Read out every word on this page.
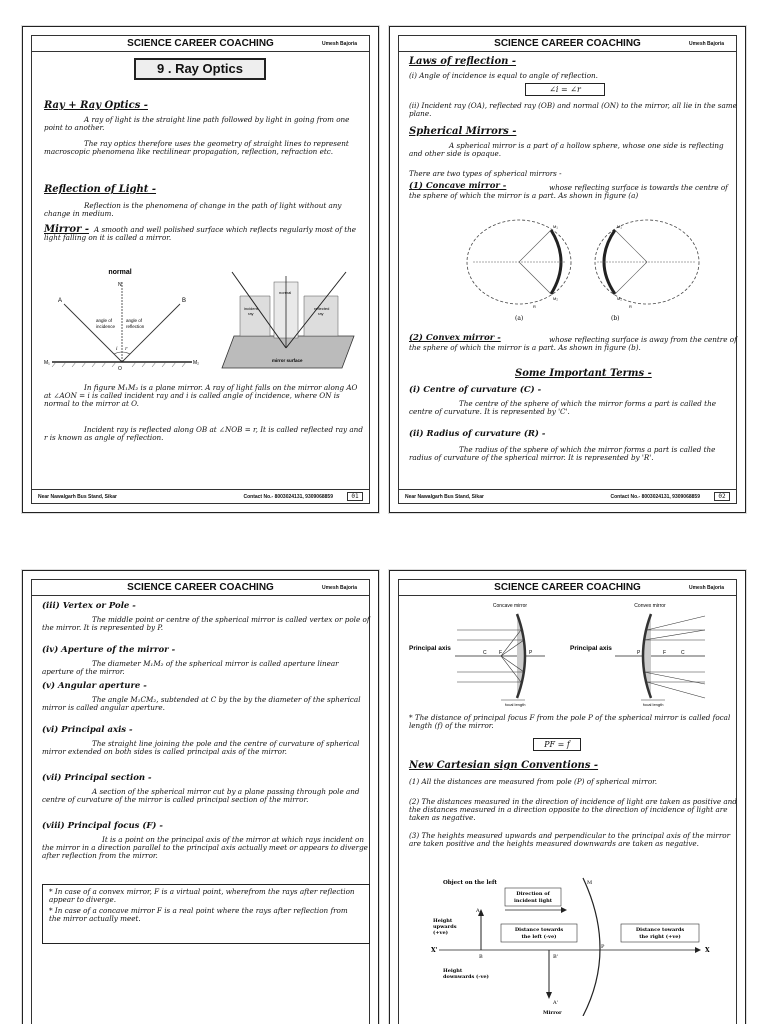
SCIENCE CAREER COACHING	Umesh Bajoria
9 . Ray Optics
Ray + Ray Optics -
A ray of light is the straight line path followed by light in going from one point to another.
The ray optics therefore uses the geometry of straight lines to represent macroscopic phenomena like rectilinear propagation, reflection, refraction etc.
Reflection of Light -
Reflection is the phenomena of change in the path of light without any change in medium.
Mirror - A smooth and well polished surface which reflects regularly most of the light falling on it is called a mirror.
normal
N
A	B
angle of
incidence
angle of
reflection
i r
O
M₁	M₂
normal
incident
ray
reflected
ray
mirror surface
In figure M₁M₂ is a plane mirror. A ray of light falls on the mirror along AO at ∠AON = i is called incident ray and i is called angle of incidence, where ON is normal to the mirror at O.
Incident ray is reflected along OB at ∠NOB = r, It is called reflected ray and r is known as angle of reflection.
Near Nawalgarh Bus Stand, Sikar	Contact No.- 8003024131, 9309068859	01
SCIENCE CAREER COACHING	Umesh Bajoria
Laws of reflection -
(i) Angle of incidence is equal to angle of reflection.
∠i = ∠r
(ii) Incident ray (OA), reflected ray (OB) and normal (ON) to the mirror, all lie in the same plane.
Spherical Mirrors -
A spherical mirror is a part of a hollow sphere, whose one side is reflecting and other side is opaque.
There are two types of spherical mirrors -
(1) Concave mirror -	whose reflecting surface is towards the centre of the sphere of which the mirror is a part. As shown in figure (a)
M₁
M₂
R
(a)
M₁
M₂
R
(b)
(2) Convex mirror -	whose reflecting surface is away from the centre of the sphere of which the mirror is a part. As shown in figure (b).
Some Important Terms -
(i) Centre of curvature (C) -
The centre of the sphere of which the mirror forms a part is called the centre of curvature. It is represented by 'C'.
(ii) Radius of curvature (R) -
The radius of the sphere of which the mirror forms a part is called the radius of curvature of the spherical mirror. It is represented by 'R'.
Near Nawalgarh Bus Stand, Sikar	Contact No.- 8003024131, 9309068859	02
SCIENCE CAREER COACHING	Umesh Bajoria
(iii) Vertex or Pole -
The middle point or centre of the spherical mirror is called vertex or pole of the mirror. It is represented by P.
(iv) Aperture of the mirror -
The diameter M₁M₂ of the spherical mirror is called aperture linear aperture of the mirror.
(v) Angular aperture -
The angle M₁CM₂, subtended at C by the by the diameter of the spherical mirror is called angular aperture.
(vi) Principal axis -
The straight line joining the pole and the centre of curvature of spherical mirror extended on both sides is called principal axis of the mirror.
(vii) Principal section -
A section of the spherical mirror cut by a plane passing through pole and centre of curvature of the mirror is called principal section of the mirror.
(viii) Principal focus (F) -
It is a point on the principal axis of the mirror at which rays incident on the mirror in a direction parallel to the principal axis actually meet or appears to diverge after reflection from the mirror.
* In case of a convex mirror, F is a virtual point, wherefrom the rays after reflection appear to diverge.
* In case of a concave mirror F is a real point where the rays after reflection from the mirror actually meet.
SCIENCE CAREER COACHING	Umesh Bajoria
Concave mirror	Convex mirror
Principal axis	Principal axis
C F	P
focal length
P	F	C
focal length
* The distance of principal focus F from the pole P of the spherical mirror is called focal length (f) of the mirror.
PF = f
New Cartesian sign Conventions -
(1) All the distances are measured from pole (P) of spherical mirror.
(2) The distances measured in the direction of incidence of light are taken as positive and the distances measured in a direction opposite to the direction of incidence of light are taken as negative.
(3) The heights measured upwards and perpendicular to the principal axis of the mirror are taken positive and the heights measured downwards are taken as negative.
Object on the left
Direction of
incident light
Height
upwards
(+ve)
A
Distance towards
the left (-ve)
Distance towards
the right (+ve)
X'	X
B
M
P
B'
A'
Height
downwards (-ve)
Mirror
